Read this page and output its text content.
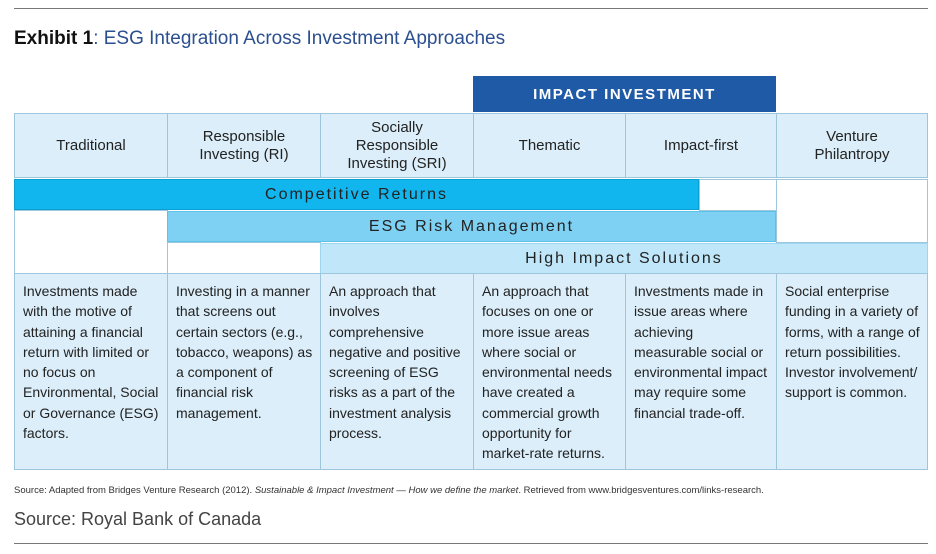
Exhibit 1: ESG Integration Across Investment Approaches
IMPACT INVESTMENT
Traditional
Responsible Investing (RI)
Socially Responsible Investing (SRI)
Thematic	Impact-first
Venture Philantropy
Competitive Returns
ESG Risk Management
High Impact Solutions
Investments made with the motive of attaining a financial return with limited or no focus on Environmental, Social or Governance (ESG) factors.
Investing in a manner that screens out certain sectors (e.g., tobacco, weapons) as a component of financial risk management.
An approach that involves comprehensive negative and positive screening of ESG risks as a part of the investment analysis process.
An approach that focuses on one or more issue areas where social or environmental needs have created a commercial growth opportunity for market-rate returns.
Investments made in issue areas where achieving measurable social or environmental impact may require some financial trade-off.
Social enterprise funding in a variety of forms, with a range of return possibilities. Investor involvement/ support is common.
Source: Adapted from Bridges Venture Research (2012). Sustainable & Impact Investment — How we define the market. Retrieved from www.bridgesventures.com/links-research.
Source: Royal Bank of Canada
